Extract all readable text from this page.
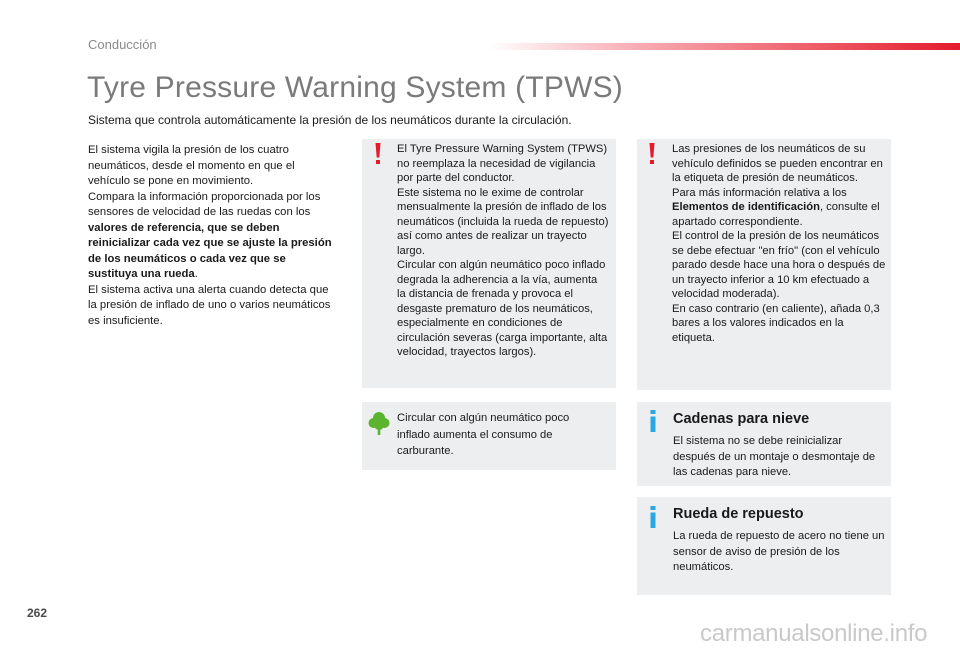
Conducción
Tyre Pressure Warning System (TPWS)
Sistema que controla automáticamente la presión de los neumáticos durante la circulación.

El sistema vigila la presión de los cuatro neumáticos, desde el momento en que el vehículo se pone en movimiento.

Compara la información proporcionada por los sensores de velocidad de las ruedas con los valores de referencia, que se deben reinicializar cada vez que se ajuste la presión de los neumáticos o cada vez que se sustituya una rueda.

El sistema activa una alerta cuando detecta que la presión de inflado de uno o varios neumáticos es insuficiente.

El Tyre Pressure Warning System (TPWS) no reemplaza la necesidad de vigilancia por parte del conductor.

Este sistema no le exime de controlar mensualmente la presión de inflado de los neumáticos (incluida la rueda de repuesto) así como antes de realizar un trayecto largo.

Circular con algún neumático poco inflado degrada la adherencia a la vía, aumenta la distancia de frenada y provoca el desgaste prematuro de los neumáticos, especialmente en condiciones de circulación severas (carga importante, alta velocidad, trayectos largos).

Circular con algún neumático poco inflado aumenta el consumo de carburante.

Las presiones de los neumáticos de su vehículo definidos se pueden encontrar en la etiqueta de presión de neumáticos.

Para más información relativa a los Elementos de identificación, consulte el apartado correspondiente.

El control de la presión de los neumáticos se debe efectuar "en frío" (con el vehículo parado desde hace una hora o después de un trayecto inferior a 10 km efectuado a velocidad moderada).

En caso contrario (en caliente), añada 0,3 bares a los valores indicados en la etiqueta.

Cadenas para nieve
El sistema no se debe reinicializar después de un montaje o desmontaje de las cadenas para nieve.
Rueda de repuesto
La rueda de repuesto de acero no tiene un sensor de aviso de presión de los neumáticos.
262
carmanualsonline.info
